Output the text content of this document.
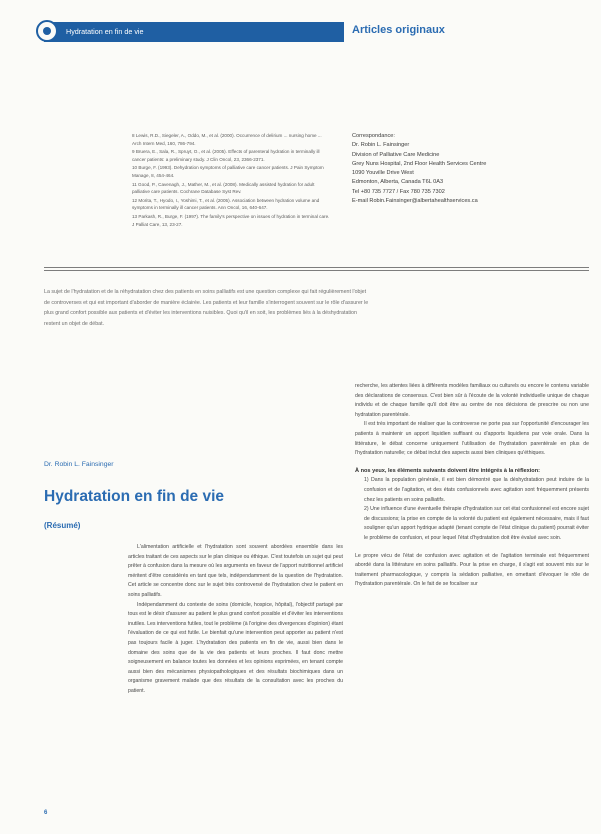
Hydratation en fin de vie	Articles originaux

8 Lewis, R.D., Siegeler, A., Oddo, M., et al. (2000). Occurrence of delirium ... nursing home ... Arch Intern Med, 160, 786-794.

9 Bruera, E., Sala, R., Spruyt, O., et al. (2005). Effects of parenteral hydration in terminally ill cancer patients: a preliminary study. J Clin Oncol, 23, 2366-2371.

10 Burge, F. (1993). Dehydration symptoms of palliative care cancer patients. J Pain Symptom Manage, 8, 454-464.

11 Good, P., Cavenagh, J., Mather, M., et al. (2008). Medically assisted hydration for adult palliative care patients. Cochrane Database Syst Rev.

12 Morita, T., Hyodo, I., Yoshimi, T., et al. (2005). Association between hydration volume and symptoms in terminally ill cancer patients. Ann Oncol, 16, 640-647.

13 Parkash, R., Burge, F. (1997). The family's perspective on issues of hydration in terminal care. J Palliat Care, 13, 23-27.

Correspondance:
Dr. Robin L. Fainsinger
Division of Palliative Care Medicine
Grey Nuns Hospital, 2nd Floor Health Services Centre
1090 Youville Drive West
Edmonton, Alberta, Canada T6L 0A3
Tel +80 735 7727 / Fax 780 735 7302
E-mail Robin.Fainsinger@albertahealthservices.ca
La sujet de l'hydratation et de la réhydratation chez des patients en soins palliatifs est une question complexe qui fait régulièrement l'objet de controverses et qui est important d'aborder de manière éclairée. Les patients et leur famille s'interrogent souvent sur le rôle d'assurer le plus grand confort possible aux patients et d'éviter les interventions nuisibles. Quoi qu'il en soit, les problèmes liés à la déshydratation restent un objet de débat.
Dr. Robin L. Fainsinger
Hydratation en fin de vie
(Résumé)

L'alimentation artificielle et l'hydratation sont souvent abordées ensemble dans les articles traitant de ces aspects sur le plan clinique ou éthique. C'est toutefois un sujet qui peut prêter à confusion dans la mesure où les arguments en faveur de l'apport nutritionnel artificiel méritent d'être considérés en tant que tels, indépendamment de la question de l'hydratation. Cet article se concentre donc sur le sujet très controversé de l'hydratation chez le patient en soins palliatifs.

Indépendamment du contexte de soins (domicile, hospice, hôpital), l'objectif partagé par tous est le désir d'assurer au patient le plus grand confort possible et d'éviter les interventions inutiles. Les interventions futiles, tout le problème (à l'origine des divergences d'opinion) étant l'évaluation de ce qui est futile. Le bienfait qu'une intervention peut apporter au patient n'est pas toujours facile à juger. L'hydratation des patients en fin de vie, aussi bien dans le domaine des soins que de la vie des patients et leurs proches. Il faut donc mettre soigneusement en balance toutes les données et les opinions exprimées, en tenant compte aussi bien des mécanismes physiopathologiques et des résultats biochimiques dans un organisme gravement malade que des résultats de la consultation avec les proches du patient.

recherche, les attentes liées à différents modèles familiaux ou culturels ou encore le contenu variable des déclarations de consensus. C'est bien sûr à l'écoute de la volonté individuelle unique de chaque individu et de chaque famille qu'il doit être au centre de nos décisions de prescrire ou non une hydratation parentérale.

Il est très important de réaliser que la controverse ne porte pas sur l'opportunité d'encourager les patients à maintenir un apport liquidien suffisant ou d'apports liquidiens par voie orale. Dans la littérature, le débat concerne uniquement l'utilisation de l'hydratation parentérale en plus de l'hydratation naturelle; ce débat inclut des aspects aussi bien cliniques qu'éthiques.

À nos yeux, les éléments suivants doivent être intégrés à la réflexion:
1) Dans la population générale, il est bien démontré que la déshydratation peut induire de la confusion et de l'agitation, et des états confusionnels avec agitation sont fréquemment présents chez les patients en soins palliatifs.
2) Une influence d'une éventuelle thérapie d'hydratation sur cet état confusionnel est encore sujet de discussions; la prise en compte de la volonté du patient est également nécessaire, mais il faut souligner qu'un apport hydrique adapté (tenant compte de l'état clinique du patient) pourrait éviter le problème de confusion, et pour lequel l'état d'hydratation doit être évalué avec soin.

Le propre vécu de l'état de confusion avec agitation et de l'agitation terminale est fréquemment abordé dans la littérature en soins palliatifs. Pour la prise en charge, il s'agit est souvent mis sur le traitement pharmacologique, y compris la sédation palliative, en omettant d'évoquer le rôle de l'hydratation parentérale. On le fait de se focaliser sur

6
